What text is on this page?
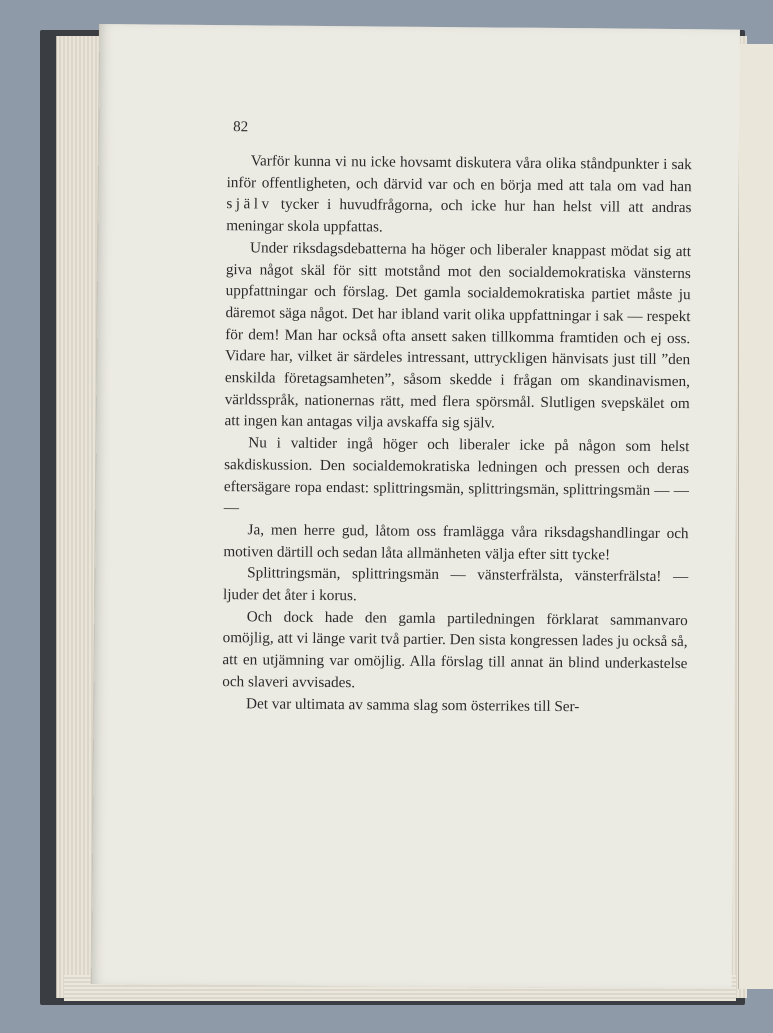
82

Varför kunna vi nu icke hovsamt diskutera våra olika ståndpunkter i sak inför offentligheten, och därvid var och en börja med att tala om vad han själv tycker i huvudfrågorna, och icke hur han helst vill att andras meningar skola uppfattas.

Under riksdagsdebatterna ha höger och liberaler knappast mödat sig att giva något skäl för sitt motstånd mot den socialdemokratiska vänsterns uppfattningar och förslag. Det gamla socialdemokratiska partiet måste ju däremot säga något. Det har ibland varit olika uppfattningar i sak — respekt för dem! Man har också ofta ansett saken tillkomma framtiden och ej oss. Vidare har, vilket är särdeles intressant, uttryckligen hänvisats just till ”den enskilda företagsamheten”, såsom skedde i frågan om skandinavismen, världsspråk, nationernas rätt, med flera spörsmål. Slutligen svepskälet om att ingen kan antagas vilja avskaffa sig själv.

Nu i valtider ingå höger och liberaler icke på någon som helst sakdiskussion. Den socialdemokratiska ledningen och pressen och deras eftersägare ropa endast: splittringsmän, splittringsmän, splittringsmän — — —

Ja, men herre gud, låtom oss framlägga våra riksdagshandlingar och motiven därtill och sedan låta allmänheten välja efter sitt tycke!

Splittringsmän, splittringsmän — vänsterfrälsta, vänsterfrälsta! — ljuder det åter i korus.

Och dock hade den gamla partiledningen förklarat sammanvaro omöjlig, att vi länge varit två partier. Den sista kongressen lades ju också så, att en utjämning var omöjlig. Alla förslag till annat än blind underkastelse och slaveri avvisades.

Det var ultimata av samma slag som österrikes till Ser-
